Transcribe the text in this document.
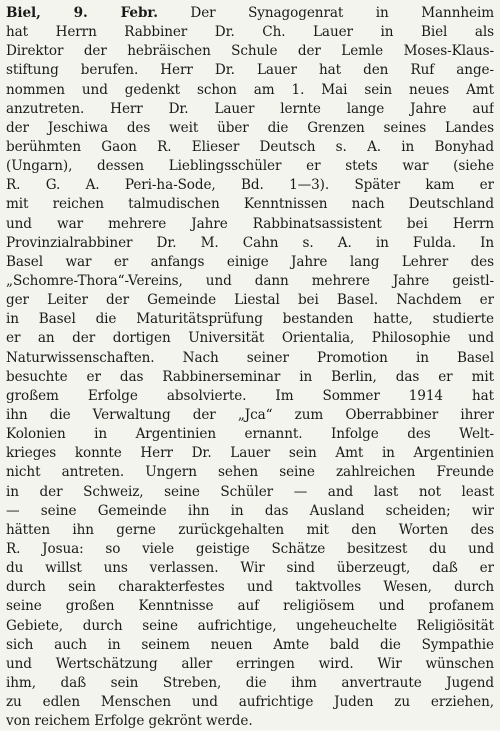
Biel, 9. Febr. Der Synagogenrat in Mannheim
hat Herrn Rabbiner Dr. Ch. Lauer in Biel als
Direktor der hebräischen Schule der Lemle Moses-Klaus-
stiftung berufen. Herr Dr. Lauer hat den Ruf ange-
nommen und gedenkt schon am 1. Mai sein neues Amt
anzutreten. Herr Dr. Lauer lernte lange Jahre auf
der Jeschiwa des weit über die Grenzen seines Landes
berühmten Gaon R. Elieser Deutsch s. A. in Bonyhad
(Ungarn), dessen Lieblingsschüler er stets war (siehe
R. G. A. Peri-ha-Sode, Bd. 1—3). Später kam er
mit reichen talmudischen Kenntnissen nach Deutschland
und war mehrere Jahre Rabbinatsassistent bei Herrn
Provinzialrabbiner Dr. M. Cahn s. A. in Fulda. In
Basel war er anfangs einige Jahre lang Lehrer des
„Schomre-Thora“-Vereins, und dann mehrere Jahre geistl-
ger Leiter der Gemeinde Liestal bei Basel. Nachdem er
in Basel die Maturitätsprüfung bestanden hatte, studierte
er an der dortigen Universität Orientalia, Philosophie und
Naturwissenschaften. Nach seiner Promotion in Basel
besuchte er das Rabbinerseminar in Berlin, das er mit
großem Erfolge absolvierte. Im Sommer 1914 hat
ihn die Verwaltung der „Jca“ zum Oberrabbiner ihrer
Kolonien in Argentinien ernannt. Infolge des Welt-
krieges konnte Herr Dr. Lauer sein Amt in Argentinien
nicht antreten. Ungern sehen seine zahlreichen Freunde
in der Schweiz, seine Schüler — and last not least
— seine Gemeinde ihn in das Ausland scheiden; wir
hätten ihn gerne zurückgehalten mit den Worten des
R. Josua: so viele geistige Schätze besitzest du und
du willst uns verlassen. Wir sind überzeugt, daß er
durch sein charakterfestes und taktvolles Wesen, durch
seine großen Kenntnisse auf religiösem und profanem
Gebiete, durch seine aufrichtige, ungeheuchelte Religiösität
sich auch in seinem neuen Amte bald die Sympathie
und Wertschätzung aller erringen wird. Wir wünschen
ihm, daß sein Streben, die ihm anvertraute Jugend
zu edlen Menschen und aufrichtige Juden zu erziehen,
von reichem Erfolge gekrönt werde.
